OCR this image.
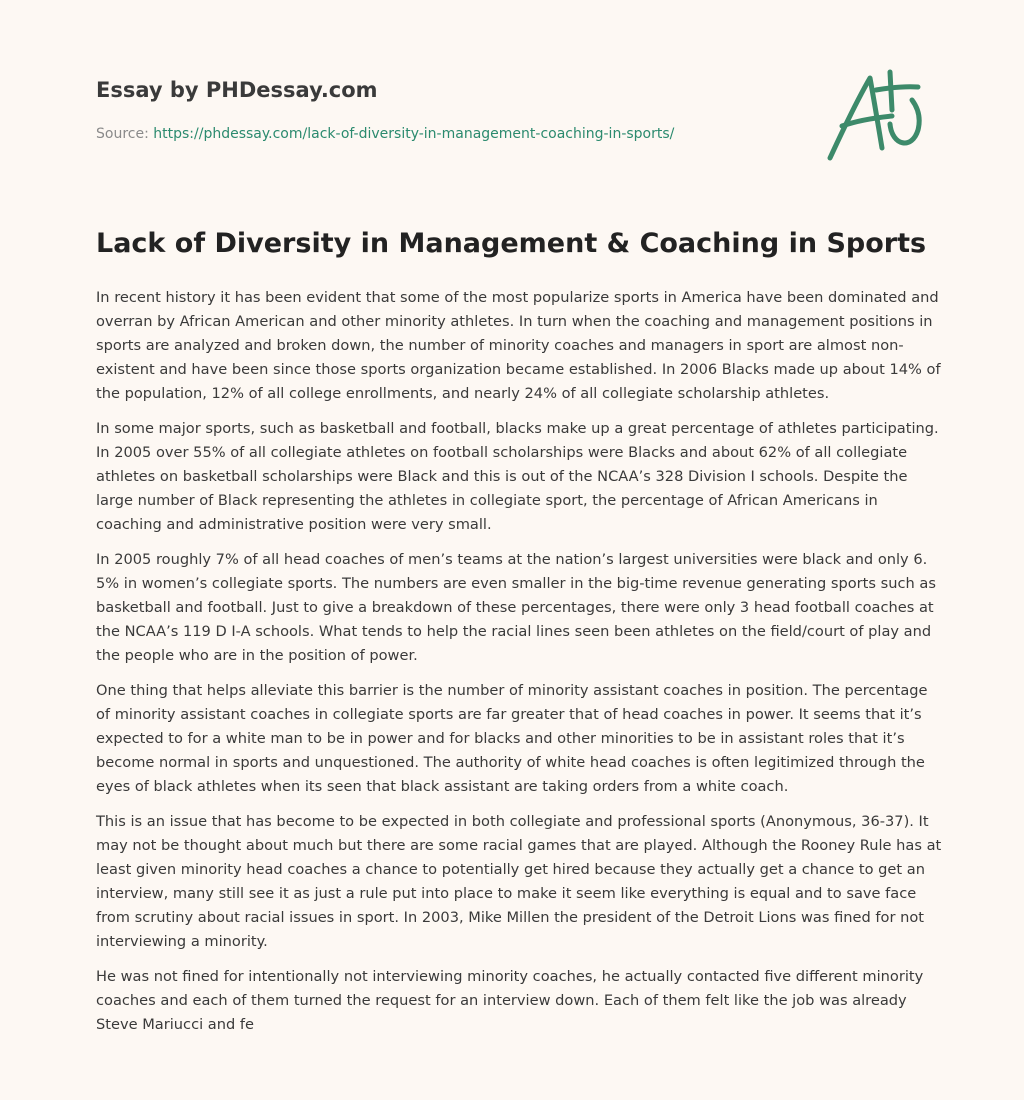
Essay by PHDessay.com
Source: https://phdessay.com/lack-of-diversity-in-management-coaching-in-sports/
Lack of Diversity in Management & Coaching in Sports

In recent history it has been evident that some of the most popularize sports in America have been dominated and overran by African American and other minority athletes. In turn when the coaching and management positions in sports are analyzed and broken down, the number of minority coaches and managers in sport are almost non-existent and have been since those sports organization became established. In 2006 Blacks made up about 14% of the population, 12% of all college enrollments, and nearly 24% of all collegiate scholarship athletes.

In some major sports, such as basketball and football, blacks make up a great percentage of athletes participating. In 2005 over 55% of all collegiate athletes on football scholarships were Blacks and about 62% of all collegiate athletes on basketball scholarships were Black and this is out of the NCAA’s 328 Division I schools. Despite the large number of Black representing the athletes in collegiate sport, the percentage of African Americans in coaching and administrative position were very small.

In 2005 roughly 7% of all head coaches of men’s teams at the nation’s largest universities were black and only 6. 5% in women’s collegiate sports. The numbers are even smaller in the big-time revenue generating sports such as basketball and football. Just to give a breakdown of these percentages, there were only 3 head football coaches at the NCAA’s 119 D I-A schools. What tends to help the racial lines seen been athletes on the field/court of play and the people who are in the position of power.

One thing that helps alleviate this barrier is the number of minority assistant coaches in position. The percentage of minority assistant coaches in collegiate sports are far greater that of head coaches in power. It seems that it’s expected to for a white man to be in power and for blacks and other minorities to be in assistant roles that it’s become normal in sports and unquestioned. The authority of white head coaches is often legitimized through the eyes of black athletes when its seen that black assistant are taking orders from a white coach.

This is an issue that has become to be expected in both collegiate and professional sports (Anonymous, 36-37). It may not be thought about much but there are some racial games that are played. Although the Rooney Rule has at least given minority head coaches a chance to potentially get hired because they actually get a chance to get an interview, many still see it as just a rule put into place to make it seem like everything is equal and to save face from scrutiny about racial issues in sport. In 2003, Mike Millen the president of the Detroit Lions was fined for not interviewing a minority.

He was not fined for intentionally not interviewing minority coaches, he actually contacted five different minority coaches and each of them turned the request for an interview down. Each of them felt like the job was already Steve Mariucci and fe
